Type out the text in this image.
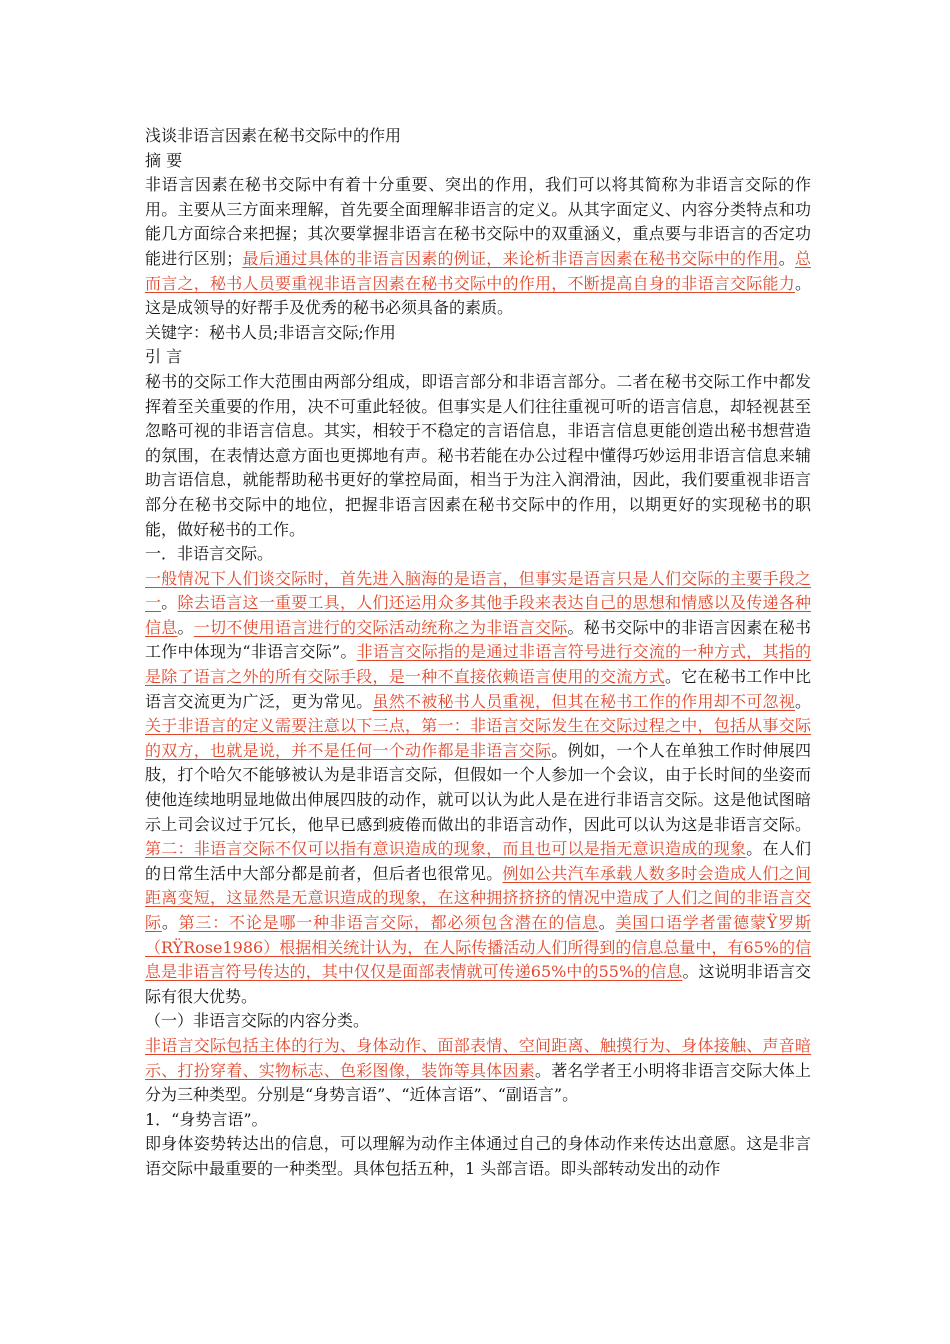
浅谈非语言因素在秘书交际中的作用

摘 要

非语言因素在秘书交际中有着十分重要、突出的作用，我们可以将其简称为非语言交际的作用。主要从三方面来理解，首先要全面理解非语言的定义。从其字面定义、内容分类特点和功能几方面综合来把握；其次要掌握非语言在秘书交际中的双重涵义，重点要与非语言的否定功能进行区别；最后通过具体的非语言因素的例证，来论析非语言因素在秘书交际中的作用。总而言之，秘书人员要重视非语言因素在秘书交际中的作用，不断提高自身的非语言交际能力。这是成领导的好帮手及优秀的秘书必须具备的素质。

关键字：秘书人员;非语言交际;作用

引 言

秘书的交际工作大范围由两部分组成，即语言部分和非语言部分。二者在秘书交际工作中都发挥着至关重要的作用，决不可重此轻彼。但事实是人们往往重视可听的语言信息，却轻视甚至忽略可视的非语言信息。其实，相较于不稳定的言语信息，非语言信息更能创造出秘书想营造的氛围，在表情达意方面也更掷地有声。秘书若能在办公过程中懂得巧妙运用非语言信息来辅助言语信息，就能帮助秘书更好的掌控局面，相当于为注入润滑油，因此，我们要重视非语言部分在秘书交际中的地位，把握非语言因素在秘书交际中的作用，以期更好的实现秘书的职能，做好秘书的工作。

一．非语言交际。

一般情况下人们谈交际时，首先进入脑海的是语言，但事实是语言只是人们交际的主要手段之一。除去语言这一重要工具，人们还运用众多其他手段来表达自己的思想和情感以及传递各种信息。一切不使用语言进行的交际活动统称之为非语言交际。秘书交际中的非语言因素在秘书工作中体现为“非语言交际”。非语言交际指的是通过非语言符号进行交流的一种方式，其指的是除了语言之外的所有交际手段，是一种不直接依赖语言使用的交流方式。它在秘书工作中比语言交流更为广泛，更为常见。虽然不被秘书人员重视，但其在秘书工作的作用却不可忽视。关于非语言的定义需要注意以下三点，第一：非语言交际发生在交际过程之中，包括从事交际的双方，也就是说，并不是任何一个动作都是非语言交际。例如，一个人在单独工作时伸展四肢，打个哈欠不能够被认为是非语言交际，但假如一个人参加一个会议，由于长时间的坐姿而使他连续地明显地做出伸展四肢的动作，就可以认为此人是在进行非语言交际。这是他试图暗示上司会议过于冗长，他早已感到疲倦而做出的非语言动作，因此可以认为这是非语言交际。第二：非语言交际不仅可以指有意识造成的现象，而且也可以是指无意识造成的现象。在人们的日常生活中大部分都是前者，但后者也很常见。例如公共汽车承载人数多时会造成人们之间距离变短，这显然是无意识造成的现象，在这种拥挤挤挤的情况中造成了人们之间的非语言交际。第三：不论是哪一种非语言交际，都必须包含潜在的信息。美国口语学者雷德蒙Ÿ罗斯（RŸRose1986）根据相关统计认为，在人际传播活动人们所得到的信息总量中，有65%的信息是非语言符号传达的，其中仅仅是面部表情就可传递65%中的55%的信息。这说明非语言交际有很大优势。

（一）非语言交际的内容分类。

非语言交际包括主体的行为、身体动作、面部表情、空间距离、触摸行为、身体接触、声音暗示、打扮穿着、实物标志、色彩图像，装饰等具体因素。著名学者王小明将非语言交际大体上分为三种类型。分别是“身势言语”、“近体言语”、“副语言”。

1．“身势言语”。

即身体姿势转达出的信息，可以理解为动作主体通过自己的身体动作来传达出意愿。这是非言语交际中最重要的一种类型。具体包括五种，1 头部言语。即头部转动发出的动作
